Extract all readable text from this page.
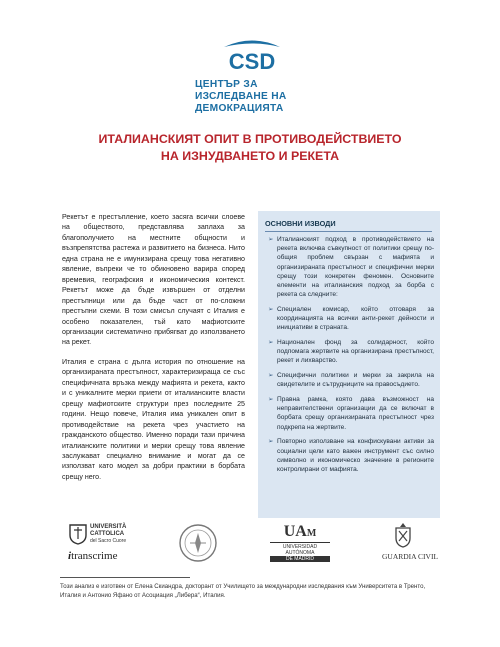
CSD
ЦЕНТЪР ЗА
ИЗСЛЕДВАНЕ НА
ДЕМОКРАЦИЯТА
ИТАЛИАНСКИЯТ ОПИТ В ПРОТИВОДЕЙСТВИЕТО
НА ИЗНУДВАНЕТО И РЕКЕТА

Рекетът е престъпление, което засяга всички слоеве на обществото, представлява заплаха за благополучието на местните общности и възпрепятства растежа и развитието на бизнеса. Нито една страна не е имунизирана срещу това негативно явление, въпреки че то обикновено варира според времевия, географския и икономическия контекст. Рекетът може да бъде извършен от отделни престъпници или да бъде част от по-сложни престъпни схеми. В този смисъл случаят с Италия е особено показателен, тъй като мафиотските организации систематично прибягват до използването на рекет.

Италия е страна с дълга история по отношение на организираната престъпност, характеризираща се със специфичната връзка между мафията и рекета, както и с уникалните мерки приети от италианските власти срещу мафиотските структури през последните 25 години. Нещо повече, Италия има уникален опит в противодействие на рекета чрез участието на гражданското общество. Именно поради тази причина италианските политики и мерки срещу това явление заслужават специално внимание и могат да се използват като модел за добри практики в борбата срещу него.

ОСНОВНИ ИЗВОДИ
➢ Италианският подход в противодействието на рекета включва съвкупност от политики срещу по-общия проблем свързан с мафията и организираната престъпност и специфични мерки срещу този конкретен феномен. Основните елементи на италианския подход за борба с рекета са следните:
➢ Специален комисар, който отговаря за координацията на всички анти-рекет дейности и инициативи в страната.
➢ Национален фонд за солидарност, който подпомага жертвите на организирана престъпност, рекет и лихварство.
➢ Специфични политики и мерки за закрила на свидетелите и сътрудниците на правосъдието.
➢ Правна рамка, която дава възможност на неправителствени организации да се включат в борбата срещу организираната престъпност чрез подкрепа на жертвите.
➢ Повторно използване на конфискувани активи за социални цели като важен инструмент със силно символно и икономическо значение в регионите контролирани от мафията.
UNIVERSITÀ
CATTOLICA
del Sacro Cuore
itranscrime
UAM
UNIVERSIDAD AUTÓNOMA
DE MADRID	GUARDIA CIVIL
Този анализ е изготвен от Елена Скиандра, докторант от Училището за международни изследвания към Университета в Тренто, Италия и Антонио Яфано от Асоциация „Либера“, Италия.
